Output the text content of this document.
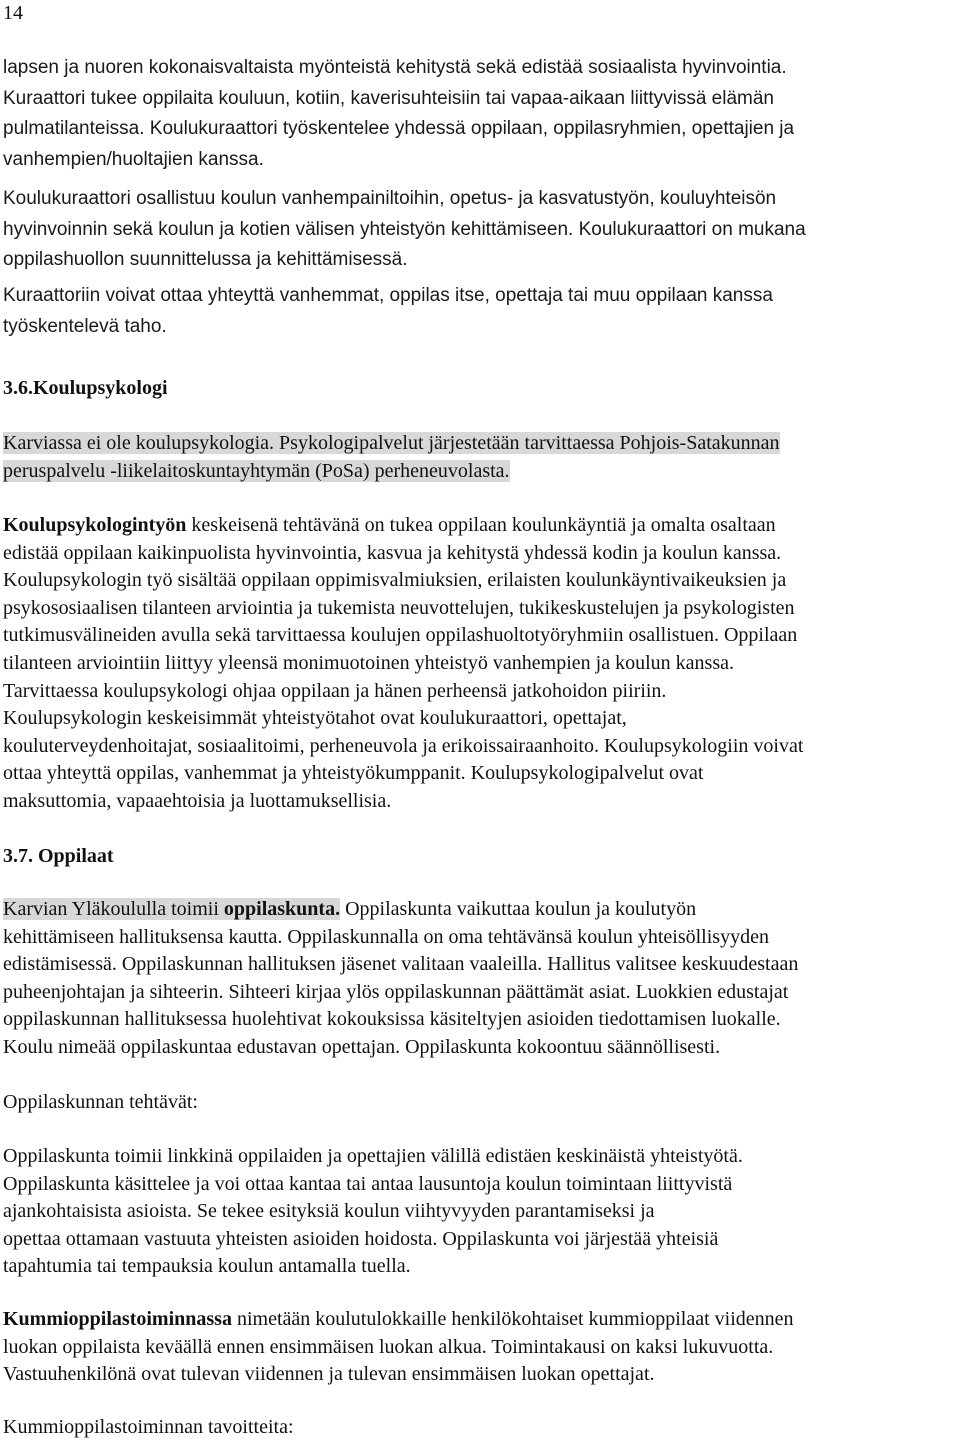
14
lapsen ja nuoren kokonaisvaltaista myönteistä kehitystä sekä edistää sosiaalista hyvinvointia.
Kuraattori tukee oppilaita kouluun, kotiin, kaverisuhteisiin tai vapaa-aikaan liittyvissä elämän
pulmatilanteissa. Koulukuraattori työskentelee yhdessä oppilaan, oppilasryhmien, opettajien ja
vanhempien/huoltajien kanssa.
Koulukuraattori osallistuu koulun vanhempainiltoihin, opetus- ja kasvatustyön, kouluyhteisön
hyvinvoinnin sekä koulun ja kotien välisen yhteistyön kehittämiseen. Koulukuraattori on mukana
oppilashuollon suunnittelussa ja kehittämisessä.
Kuraattoriin voivat ottaa yhteyttä vanhemmat, oppilas itse, opettaja tai muu oppilaan kanssa
työskentelevä taho.
3.6.Koulupsykologi
Karviassa ei ole koulupsykologia. Psykologipalvelut järjestetään tarvittaessa Pohjois-Satakunnan
peruspalvelu -liikelaitoskuntayhtymän (PoSa) perheneuvolasta.
Koulupsykologintyön keskeisenä tehtävänä on tukea oppilaan koulunkäyntiä ja omalta osaltaan
edistää oppilaan kaikinpuolista hyvinvointia, kasvua ja kehitystä yhdessä kodin ja koulun kanssa.
Koulupsykologin työ sisältää oppilaan oppimisvalmiuksien, erilaisten koulunkäyntivaikeuksien ja
psykososiaalisen tilanteen arviointia ja tukemista neuvottelujen, tukikeskustelujen ja psykologisten
tutkimusvälineiden avulla sekä tarvittaessa koulujen oppilashuoltotyöryhmiin osallistuen. Oppilaan
tilanteen arviointiin liittyy yleensä monimuotoinen yhteistyö vanhempien ja koulun kanssa.
Tarvittaessa koulupsykologi ohjaa oppilaan ja hänen perheensä jatkohoidon piiriin.
Koulupsykologin keskeisimmät yhteistyötahot ovat koulukuraattori, opettajat,
kouluterveydenhoitajat, sosiaalitoimi, perheneuvola ja erikoissairaanhoito. Koulupsykologiin voivat
ottaa yhteyttä oppilas, vanhemmat ja yhteistyökumppanit. Koulupsykologipalvelut ovat
maksuttomia, vapaaehtoisia ja luottamuksellisia.
3.7. Oppilaat
Karvian Yläkoululla toimii oppilaskunta. Oppilaskunta vaikuttaa koulun ja koulutyön
kehittämiseen hallituksensa kautta. Oppilaskunnalla on oma tehtävänsä koulun yhteisöllisyyden
edistämisessä. Oppilaskunnan hallituksen jäsenet valitaan vaaleilla. Hallitus valitsee keskuudestaan
puheenjohtajan ja sihteerin. Sihteeri kirjaa ylös oppilaskunnan päättämät asiat. Luokkien edustajat
oppilaskunnan hallituksessa huolehtivat kokouksissa käsiteltyjen asioiden tiedottamisen luokalle.
Koulu nimeää oppilaskuntaa edustavan opettajan. Oppilaskunta kokoontuu säännöllisesti.
Oppilaskunnan tehtävät:
Oppilaskunta toimii linkkinä oppilaiden ja opettajien välillä edistäen keskinäistä yhteistyötä.
Oppilaskunta käsittelee ja voi ottaa kantaa tai antaa lausuntoja koulun toimintaan liittyvistä
ajankohtaisista asioista. Se tekee esityksiä koulun viihtyvyyden parantamiseksi ja
opettaa ottamaan vastuuta yhteisten asioiden hoidosta. Oppilaskunta voi järjestää yhteisiä
tapahtumia tai tempauksia koulun antamalla tuella.
Kummioppilastoiminnassa nimetään koulutulokkaille henkilökohtaiset kummioppilaat viidennen
luokan oppilaista keväällä ennen ensimmäisen luokan alkua. Toimintakausi on kaksi lukuvuotta.
Vastuuhenkilönä ovat tulevan viidennen ja tulevan ensimmäisen luokan opettajat.
Kummioppilastoiminnan tavoitteita:
